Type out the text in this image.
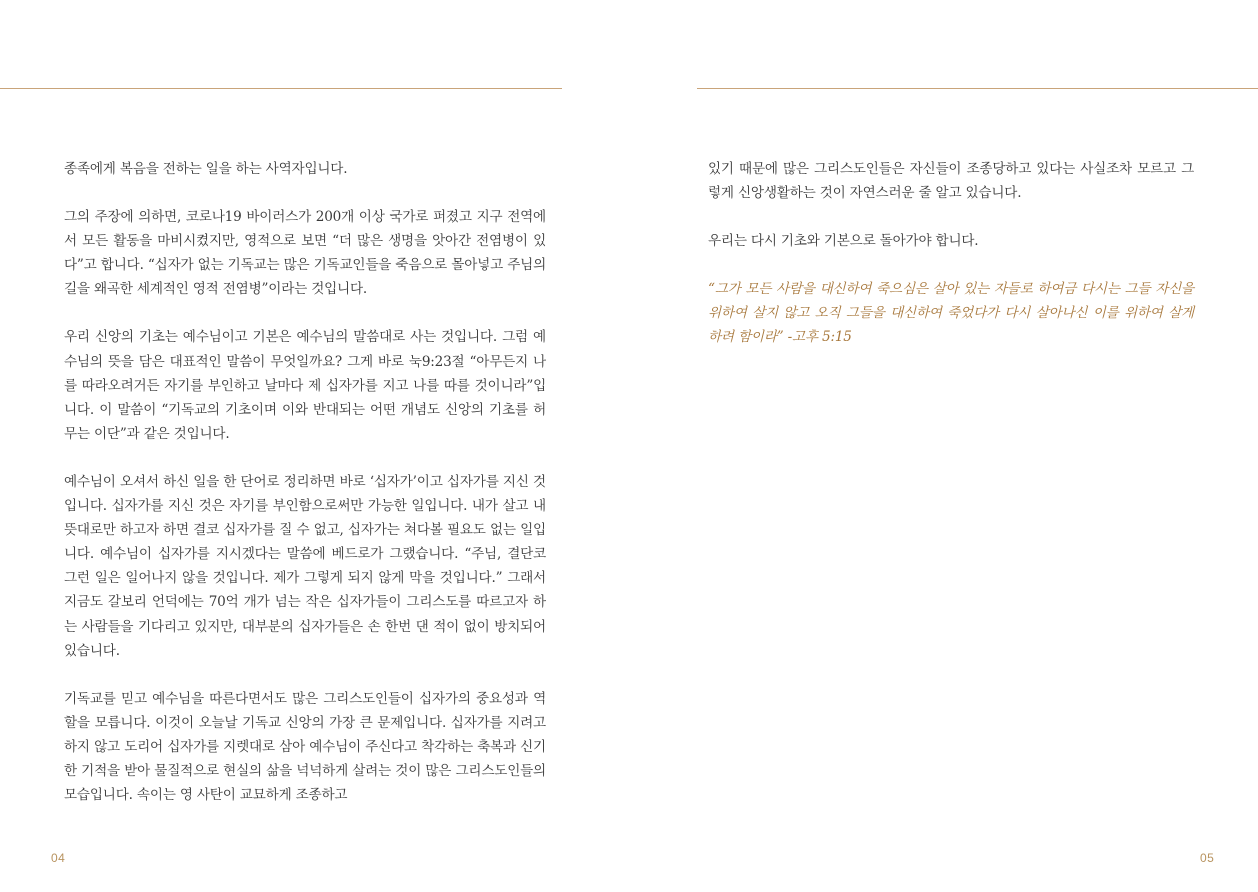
종족에게 복음을 전하는 일을 하는 사역자입니다.

그의 주장에 의하면, 코로나19 바이러스가 200개 이상 국가로 퍼졌고 지구 전역에서 모든 활동을 마비시켰지만, 영적으로 보면 “더 많은 생명을 앗아간 전염병이 있다”고 합니다. “십자가 없는 기독교는 많은 기독교인들을 죽음으로 몰아넣고 주님의 길을 왜곡한 세계적인 영적 전염병”이라는 것입니다.

우리 신앙의 기초는 예수님이고 기본은 예수님의 말씀대로 사는 것입니다. 그럼 예수님의 뜻을 담은 대표적인 말씀이 무엇일까요? 그게 바로 눅9:23절 “아무든지 나를 따라오려거든 자기를 부인하고 날마다 제 십자가를 지고 나를 따를 것이니라”입니다. 이 말씀이 “기독교의 기초이며 이와 반대되는 어떤 개념도 신앙의 기초를 허무는 이단”과 같은 것입니다.

예수님이 오셔서 하신 일을 한 단어로 정리하면 바로 ‘십자가’이고 십자가를 지신 것입니다. 십자가를 지신 것은 자기를 부인함으로써만 가능한 일입니다. 내가 살고 내 뜻대로만 하고자 하면 결코 십자가를 질 수 없고, 십자가는 쳐다볼 필요도 없는 일입니다. 예수님이 십자가를 지시겠다는 말씀에 베드로가 그랬습니다. “주님, 결단코 그런 일은 일어나지 않을 것입니다. 제가 그렇게 되지 않게 막을 것입니다.” 그래서 지금도 갈보리 언덕에는 70억 개가 넘는 작은 십자가들이 그리스도를 따르고자 하는 사람들을 기다리고 있지만, 대부분의 십자가들은 손 한번 댄 적이 없이 방치되어 있습니다.

기독교를 믿고 예수님을 따른다면서도 많은 그리스도인들이 십자가의 중요성과 역할을 모릅니다. 이것이 오늘날 기독교 신앙의 가장 큰 문제입니다. 십자가를 지려고 하지 않고 도리어 십자가를 지렛대로 삼아 예수님이 주신다고 착각하는 축복과 신기한 기적을 받아 물질적으로 현실의 삶을 넉넉하게 살려는 것이 많은 그리스도인들의 모습입니다. 속이는 영 사탄이 교묘하게 조종하고

04

있기 때문에 많은 그리스도인들은 자신들이 조종당하고 있다는 사실조차 모르고 그렇게 신앙생활하는 것이 자연스러운 줄 알고 있습니다.

우리는 다시 기초와 기본으로 돌아가야 합니다.

“그가 모든 사람을 대신하여 죽으심은 살아 있는 자들로 하여금 다시는 그들 자신을 위하여 살지 않고 오직 그들을 대신하여 죽었다가 다시 살아나신 이를 위하여 살게 하려 함이라” -고후 5:15

05
